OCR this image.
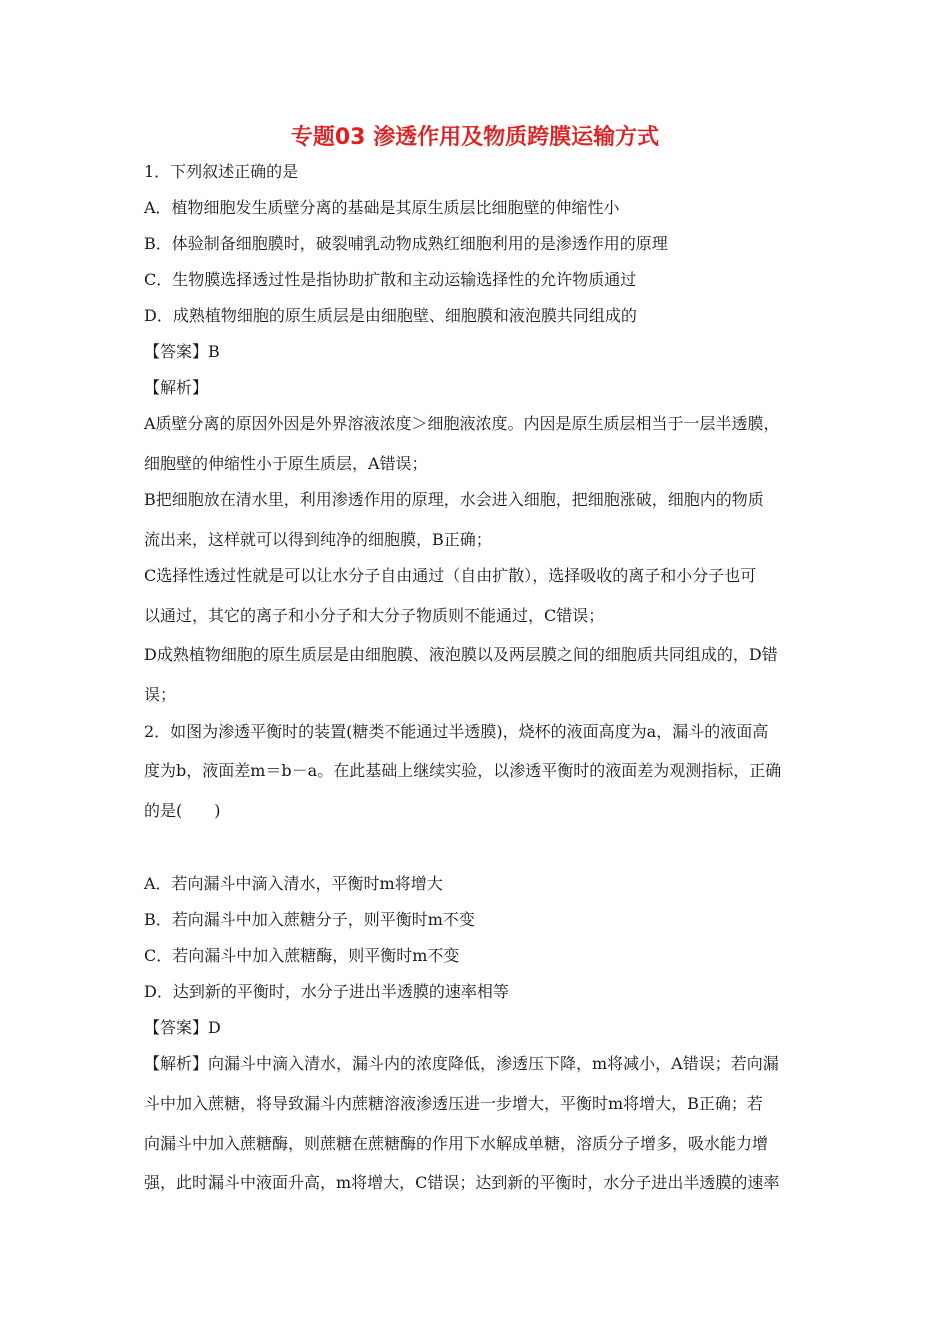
专题03 渗透作用及物质跨膜运输方式

1．下列叙述正确的是

A．植物细胞发生质壁分离的基础是其原生质层比细胞壁的伸缩性小

B．体验制备细胞膜时，破裂哺乳动物成熟红细胞利用的是渗透作用的原理

C．生物膜选择透过性是指协助扩散和主动运输选择性的允许物质通过

D．成熟植物细胞的原生质层是由细胞壁、细胞膜和液泡膜共同组成的

【答案】B

【解析】

A质壁分离的原因外因是外界溶液浓度＞细胞液浓度。内因是原生质层相当于一层半透膜，

细胞壁的伸缩性小于原生质层，A错误；

B把细胞放在清水里，利用渗透作用的原理，水会进入细胞，把细胞涨破，细胞内的物质

流出来，这样就可以得到纯净的细胞膜，B正确；

C选择性透过性就是可以让水分子自由通过（自由扩散），选择吸收的离子和小分子也可

以通过，其它的离子和小分子和大分子物质则不能通过，C错误；

D成熟植物细胞的原生质层是由细胞膜、液泡膜以及两层膜之间的细胞质共同组成的，D错

误；

2．如图为渗透平衡时的装置(糖类不能通过半透膜)，烧杯的液面高度为a，漏斗的液面高

度为b，液面差m＝b－a。在此基础上继续实验，以渗透平衡时的液面差为观测指标，正确

的是(　　)

A．若向漏斗中滴入清水，平衡时m将增大

B．若向漏斗中加入蔗糖分子，则平衡时m不变

C．若向漏斗中加入蔗糖酶，则平衡时m不变

D．达到新的平衡时，水分子进出半透膜的速率相等

【答案】D

【解析】向漏斗中滴入清水，漏斗内的浓度降低，渗透压下降，m将减小，A错误；若向漏

斗中加入蔗糖，将导致漏斗内蔗糖溶液渗透压进一步增大，平衡时m将增大，B正确；若

向漏斗中加入蔗糖酶，则蔗糖在蔗糖酶的作用下水解成单糖，溶质分子增多，吸水能力增

强，此时漏斗中液面升高，m将增大，C错误；达到新的平衡时，水分子进出半透膜的速率
